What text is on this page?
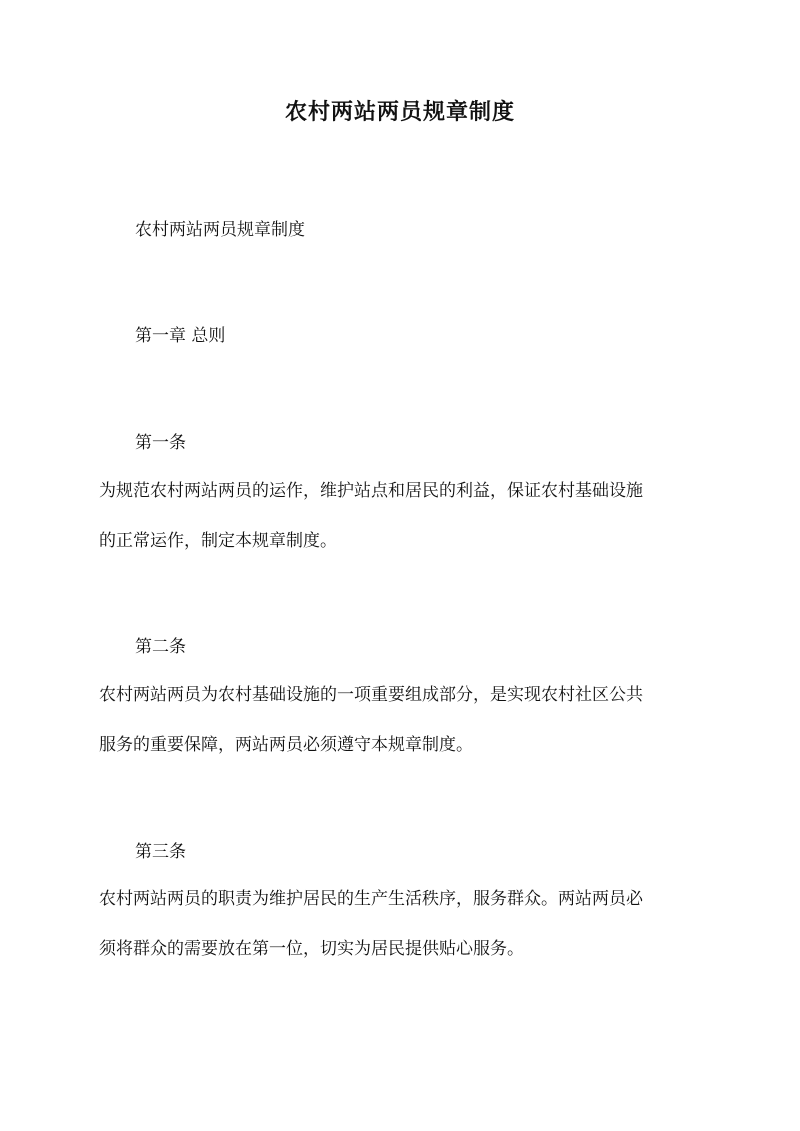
农村两站两员规章制度
农村两站两员规章制度
第一章 总则
第一条
为规范农村两站两员的运作，维护站点和居民的利益，保证农村基础设施
的正常运作，制定本规章制度。
第二条
农村两站两员为农村基础设施的一项重要组成部分，是实现农村社区公共
服务的重要保障，两站两员必须遵守本规章制度。
第三条
农村两站两员的职责为维护居民的生产生活秩序，服务群众。两站两员必
须将群众的需要放在第一位，切实为居民提供贴心服务。
